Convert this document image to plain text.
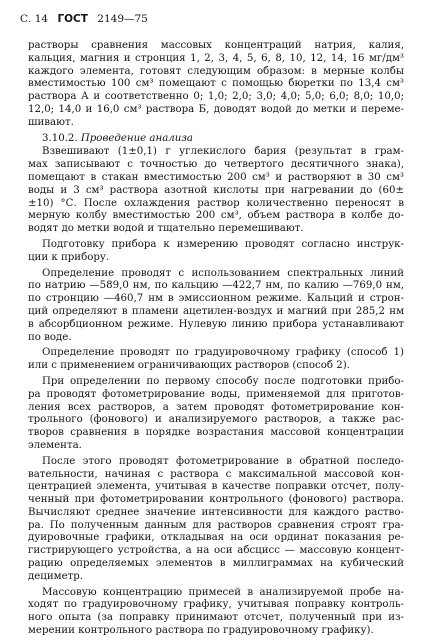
С. 14 ГОСТ 2149—75
растворы сравнения массовых концентраций натрия, калия,
кальция, магния и стронция 1, 2, 3, 4, 5, 6, 8, 10, 12, 14, 16 мг/дм³
каждого элемента, готовят следующим образом: в мерные колбы
вместимостью 100 см³ помещают с помощью бюретки по 13,4 см³
раствора А и соответственно 0; 1,0; 2,0; 3,0; 4,0; 5,0; 6,0; 8,0; 10,0;
12,0; 14,0 и 16,0 см³ раствора Б, доводят водой до метки и переме-
шивают.
3.10.2. Проведение анализа
Взвешивают (1±0,1) г углекислого бария (результат в грам-
мах записывают с точностью до четвертого десятичного знака),
помещают в стакан вместимостью 200 см³ и растворяют в 30 см³
воды и 3 см³ раствора азотной кислоты при нагревании до (60±
±10) °С. После охлаждения раствор количественно переносят в
мерную колбу вместимостью 200 см³, объем раствора в колбе до-
водят до метки водой и тщательно перемешивают.
Подготовку прибора к измерению проводят согласно инструк-
ции к прибору.
Определение проводят с использованием спектральных линий
по натрию —589,0 нм, по кальцию —422,7 нм, по калию —769,0 нм,
по стронцию —460,7 нм в эмиссионном режиме. Кальций и строн-
ций определяют в пламени ацетилен-воздух и магний при 285,2 нм
в абсорбционном режиме. Нулевую линию прибора устанавливают
по воде.
Определение проводят по градуировочному графику (способ 1)
или с применением ограничивающих растворов (способ 2).
При определении по первому способу после подготовки прибо-
ра проводят фотометрирование воды, применяемой для приготов-
ления всех растворов, а затем проводят фотометрирование кон-
трольного (фонового) и анализируемого растворов, а также рас-
творов сравнения в порядке возрастания массовой концентрации
элемента.
После этого проводят фотометрирование в обратной последо-
вательности, начиная с раствора с максимальной массовой кон-
центрацией элемента, учитывая в качестве поправки отсчет, полу-
ченный при фотометрировании контрольного (фонового) раствора.
Вычисляют среднее значение интенсивности для каждого раство-
ра. По полученным данным для растворов сравнения строят гра-
дуировочные графики, откладывая на оси ординат показания ре-
гистрирующего устройства, а на оси абсцисс — массовую концент-
рацию определяемых элементов в миллиграммах на кубический
дециметр.
Массовую концентрацию примесей в анализируемой пробе на-
ходят по градуировочному графику, учитывая поправку контроль-
ного опыта (за поправку принимают отсчет, полученный при из-
мерении контрольного раствора по градуировочному графику).
